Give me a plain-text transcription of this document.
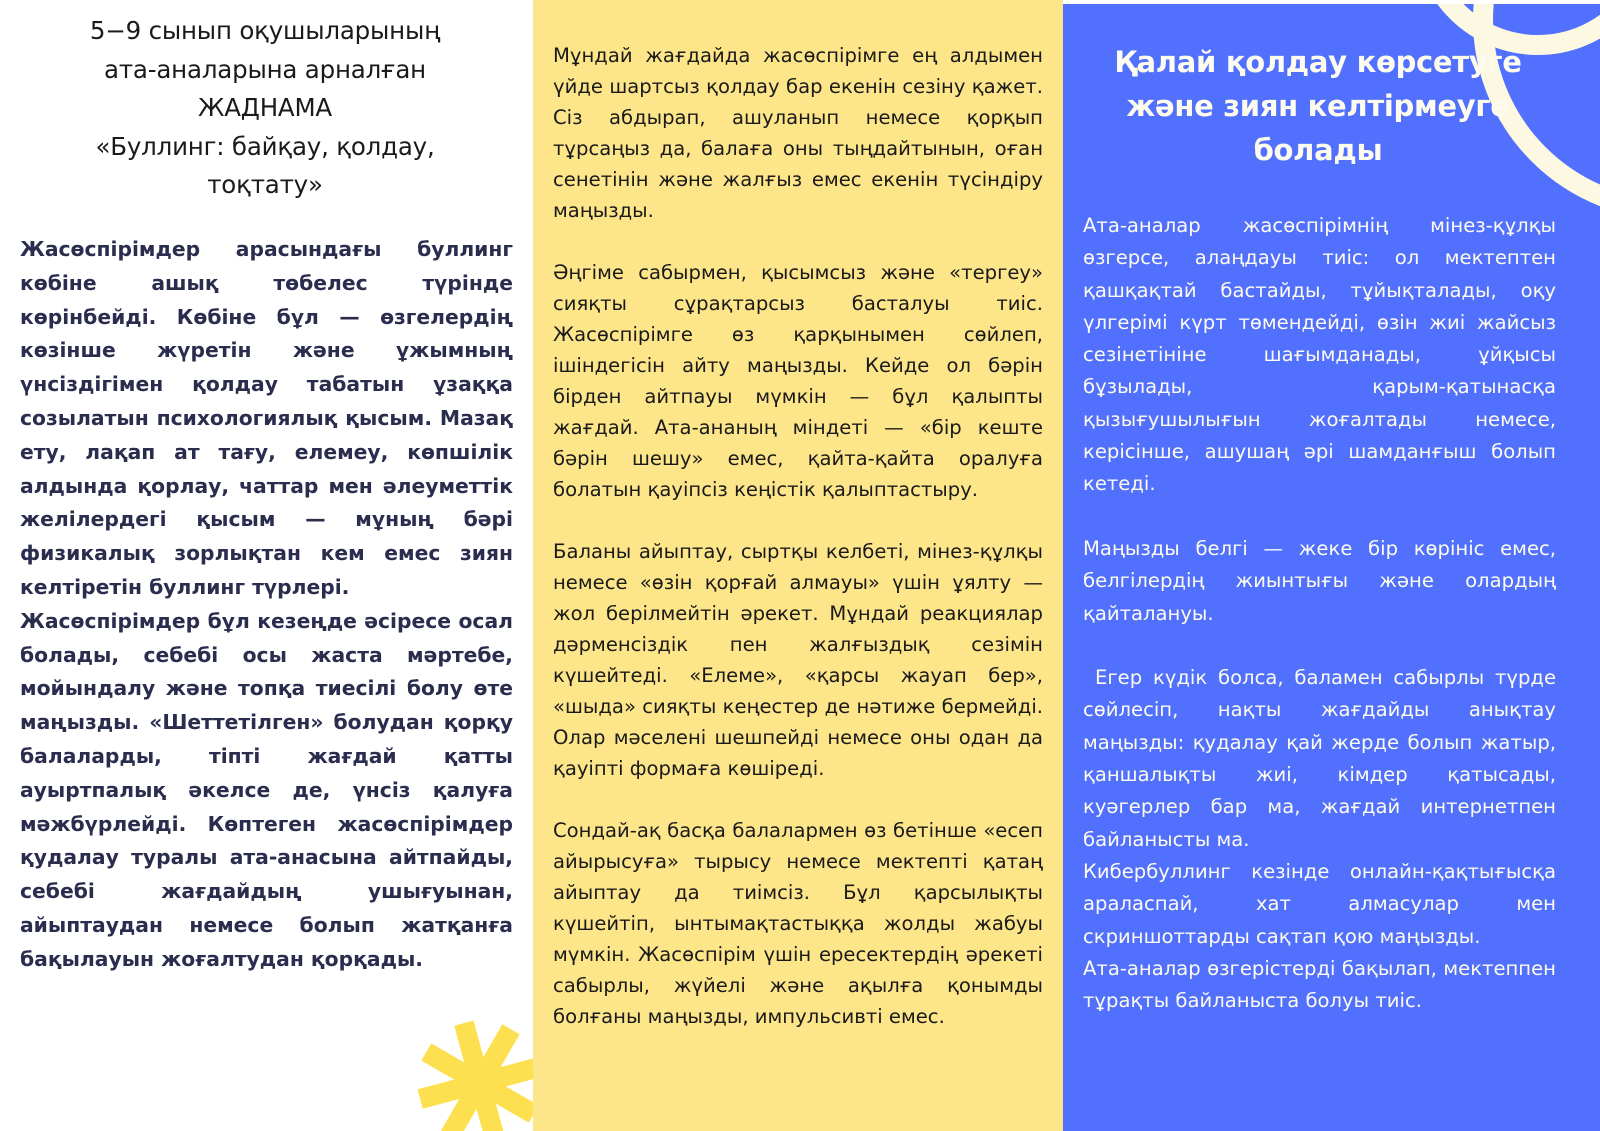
5−9 сынып оқушыларының
ата-аналарына арналған
ЖАДНАМА
«Буллинг: байқау, қолдау,
тоқтату»

Жасөспірімдер арасындағы буллинг көбіне ашық төбелес түрінде көрінбейді. Көбіне бұл — өзгелердің көзінше жүретін және ұжымның үнсіздігімен қолдау табатын ұзаққа созылатын психологиялық қысым. Мазақ ету, лақап ат тағу, елемеу, көпшілік алдында қорлау, чаттар мен әлеуметтік желілердегі қысым — мұның бәрі физикалық зорлықтан кем емес зиян келтіретін буллинг түрлері.

Жасөспірімдер бұл кезеңде әсіресе осал болады, себебі осы жаста мәртебе, мойындалу және топқа тиесілі болу өте маңызды. «Шеттетілген» болудан қорқу балаларды, тіпті жағдай қатты ауыртпалық әкелсе де, үнсіз қалуға мәжбүрлейді. Көптеген жасөспірімдер қудалау туралы ата-анасына айтпайды, себебі жағдайдың ушығуынан, айыптаудан немесе болып жатқанға бақылауын жоғалтудан қорқады.

Мұндай жағдайда жасөспірімге ең алдымен үйде шартсыз қолдау бар екенін сезіну қажет. Сіз абдырап, ашуланып немесе қорқып тұрсаңыз да, балаға оны тыңдайтынын, оған сенетінін және жалғыз емес екенін түсіндіру маңызды.

Әңгіме сабырмен, қысымсыз және «тергеу» сияқты сұрақтарсыз басталуы тиіс. Жасөспірімге өз қарқынымен сөйлеп, ішіндегісін айту маңызды. Кейде ол бәрін бірден айтпауы мүмкін — бұл қалыпты жағдай. Ата-ананың міндеті — «бір кеште бәрін шешу» емес, қайта-қайта оралуға болатын қауіпсіз кеңістік қалыптастыру.

Баланы айыптау, сыртқы келбеті, мінез-құлқы немесе «өзін қорғай алмауы» үшін ұялту — жол берілмейтін әрекет. Мұндай реакциялар дәрменсіздік пен жалғыздық сезімін күшейтеді. «Елеме», «қарсы жауап бер», «шыда» сияқты кеңестер де нәтиже бермейді. Олар мәселені шешпейді немесе оны одан да қауіпті формаға көшіреді.

Сондай-ақ басқа балалармен өз бетінше «есеп айырысуға» тырысу немесе мектепті қатаң айыптау да тиімсіз. Бұл қарсылықты күшейтіп, ынтымақтастыққа жолды жабуы мүмкін. Жасөспірім үшін ересектердің әрекеті сабырлы, жүйелі және ақылға қонымды болғаны маңызды, импульсивті емес.

Қалай қолдау көрсетуге
және зиян келтірмеуге
болады

Ата-аналар жасөспірімнің мінез-құлқы өзгерсе, алаңдауы тиіс: ол мектептен қашқақтай бастайды, тұйықталады, оқу үлгерімі күрт төмендейді, өзін жиі жайсыз сезінетініне шағымданады, ұйқысы бұзылады, қарым-қатынасқа қызығушылығын жоғалтады немесе, керісінше, ашушаң әрі шамданғыш болып кетеді.

Маңызды белгі — жеке бір көрініс емес, белгілердің жиынтығы және олардың қайталануы.

Егер күдік болса, баламен сабырлы түрде сөйлесіп, нақты жағдайды анықтау маңызды: қудалау қай жерде болып жатыр, қаншалықты жиі, кімдер қатысады, куәгерлер бар ма, жағдай интернетпен байланысты ма.

Кибербуллинг кезінде онлайн-қақтығысқа араласпай, хат алмасулар мен скриншоттарды сақтап қою маңызды.

Ата-аналар өзгерістерді бақылап, мектеппен тұрақты байланыста болуы тиіс.
